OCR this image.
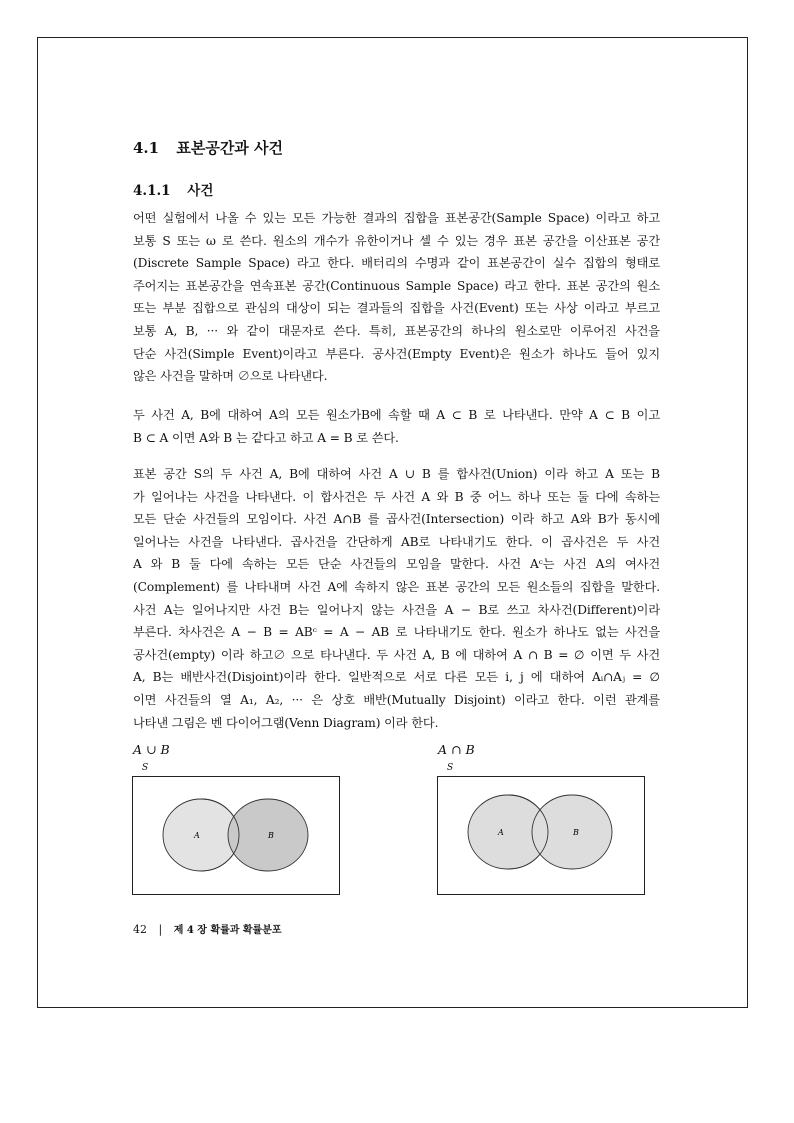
4.1 표본공간과 사건
4.1.1 사건
어떤 실험에서 나올 수 있는 모든 가능한 결과의 집합을 표본공간(Sample Space) 이라고 하고
보통 S 또는 ω 로 쓴다. 원소의 개수가 유한이거나 셀 수 있는 경우 표본 공간을 이산표본 공간
(Discrete Sample Space) 라고 한다. 배터리의 수명과 같이 표본공간이 실수 집합의 형태로
주어지는 표본공간을 연속표본 공간(Continuous Sample Space) 라고 한다. 표본 공간의 원소
또는 부분 집합으로 관심의 대상이 되는 결과들의 집합을 사건(Event) 또는 사상 이라고 부르고
보통 A, B, ··· 와 같이 대문자로 쓴다. 특히, 표본공간의 하나의 원소로만 이루어진 사건을
단순 사건(Simple Event)이라고 부른다. 공사건(Empty Event)은 원소가 하나도 들어 있지
않은 사건을 말하며 ∅으로 나타낸다.
두 사건 A, B에 대하여 A의 모든 원소가B에 속할 때 A ⊂ B 로 나타낸다. 만약 A ⊂ B 이고
B ⊂ A 이면 A와 B 는 같다고 하고 A = B 로 쓴다.
표본 공간 S의 두 사건 A, B에 대하여 사건 A ∪ B 를 합사건(Union) 이라 하고 A 또는 B
가 일어나는 사건을 나타낸다. 이 합사건은 두 사건 A 와 B 중 어느 하나 또는 둘 다에 속하는
모든 단순 사건들의 모임이다. 사건 A∩B 를 곱사건(Intersection) 이라 하고 A와 B가 동시에
일어나는 사건을 나타낸다. 곱사건을 간단하게 AB로 나타내기도 한다. 이 곱사건은 두 사건
A 와 B 둘 다에 속하는 모든 단순 사건들의 모임을 말한다. 사건 Aᶜ는 사건 A의 여사건
(Complement) 를 나타내며 사건 A에 속하지 않은 표본 공간의 모든 원소들의 집합을 말한다.
사건 A는 일어나지만 사건 B는 일어나지 않는 사건을 A − B로 쓰고 차사건(Different)이라
부른다. 차사건은 A − B = ABᶜ = A − AB 로 나타내기도 한다. 원소가 하나도 없는 사건을
공사건(empty) 이라 하고∅ 으로 타나낸다. 두 사건 A, B 에 대하여 A ∩ B = ∅ 이면 두 사건
A, B는 배반사건(Disjoint)이라 한다. 일반적으로 서로 다른 모든 i, j 에 대하여 Aᵢ∩Aⱼ = ∅
이면 사건들의 열 A₁, A₂, ··· 은 상호 배반(Mutually Disjoint) 이라고 한다. 이런 관계를
나타낸 그림은 벤 다이어그램(Venn Diagram) 이라 한다.
A ∪ B
S
A	B
A ∩ B
S
A	B
42 | 제 4 장 확률과 확률분포
